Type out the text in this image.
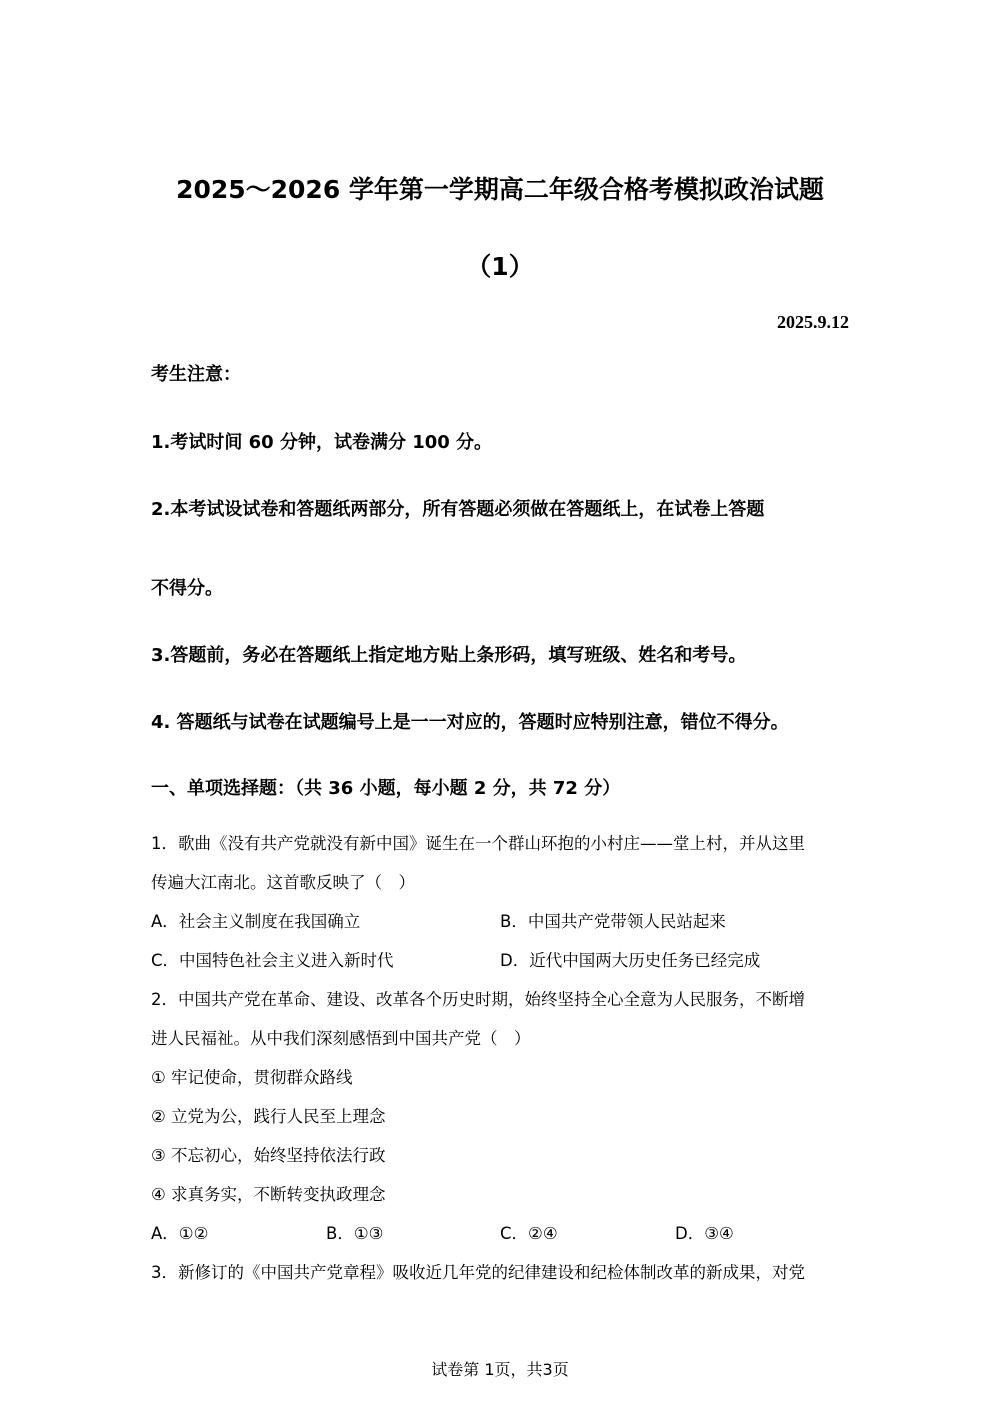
2025～2026 学年第一学期高二年级合格考模拟政治试题
（1）
2025.9.12
考生注意：
1.考试时间 60 分钟，试卷满分 100 分。
2.本考试设试卷和答题纸两部分，所有答题必须做在答题纸上，在试卷上答题
不得分。
3.答题前，务必在答题纸上指定地方贴上条形码，填写班级、姓名和考号。
4. 答题纸与试卷在试题编号上是一一对应的，答题时应特别注意，错位不得分。
一、单项选择题：（共 36 小题，每小题 2 分，共 72 分）
1．歌曲《没有共产党就没有新中国》诞生在一个群山环抱的小村庄——堂上村，并从这里
传遍大江南北。这首歌反映了（　）
A．社会主义制度在我国确立	B．中国共产党带领人民站起来
C．中国特色社会主义进入新时代	D．近代中国两大历史任务已经完成
2．中国共产党在革命、建设、改革各个历史时期，始终坚持全心全意为人民服务，不断增
进人民福祉。从中我们深刻感悟到中国共产党（　）
① 牢记使命，贯彻群众路线
② 立党为公，践行人民至上理念
③ 不忘初心，始终坚持依法行政
④ 求真务实，不断转变执政理念
A．①②	B．①③	C．②④	D．③④
3．新修订的《中国共产党章程》吸收近几年党的纪律建设和纪检体制改革的新成果，对党
试卷第 1页，共3页
